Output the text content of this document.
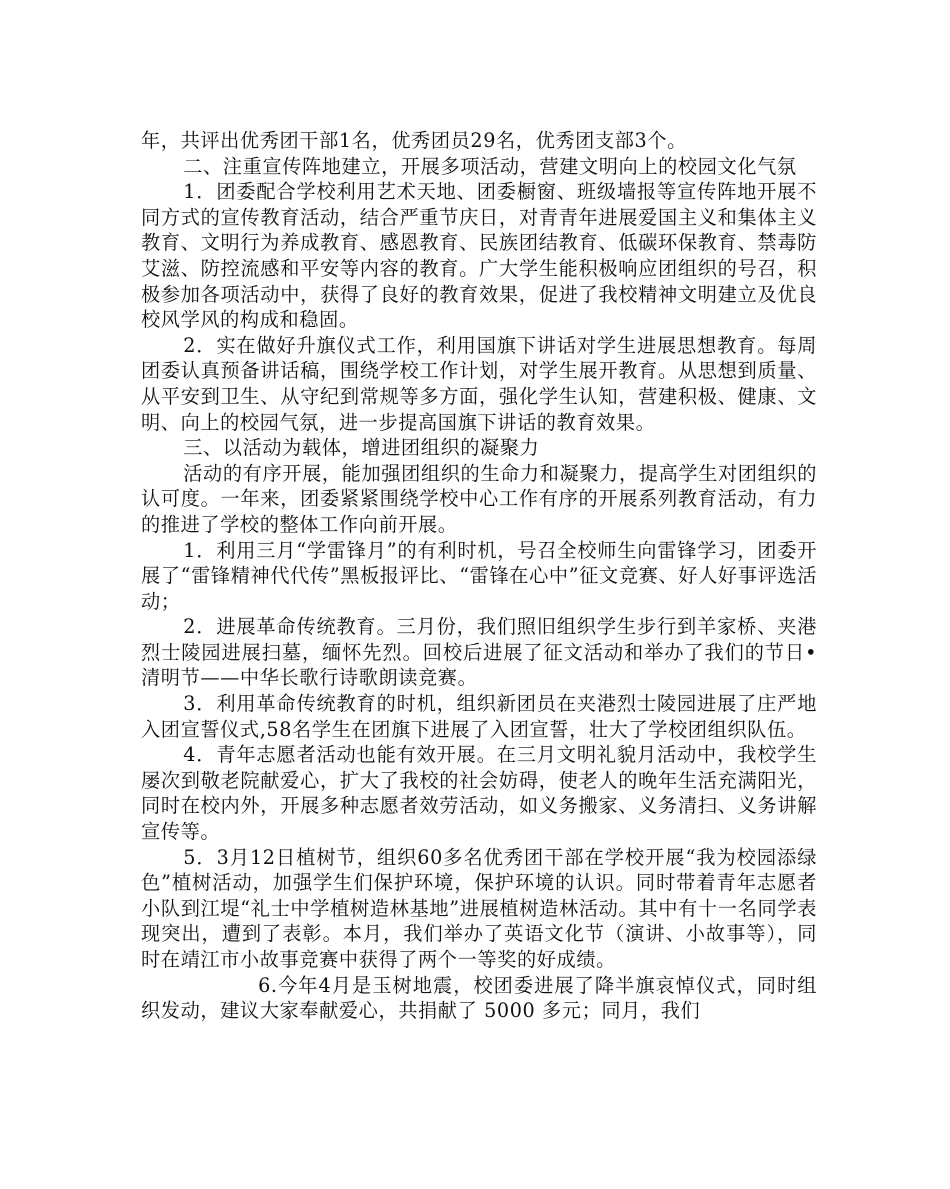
年，共评出优秀团干部1名，优秀团员29名，优秀团支部3个。

二、注重宣传阵地建立，开展多项活动，营建文明向上的校园文化气氛

1．团委配合学校利用艺术天地、团委橱窗、班级墙报等宣传阵地开展不同方式的宣传教育活动，结合严重节庆日，对青青年进展爱国主义和集体主义教育、文明行为养成教育、感恩教育、民族团结教育、低碳环保教育、禁毒防艾滋、防控流感和平安等内容的教育。广大学生能积极响应团组织的号召，积极参加各项活动中，获得了良好的教育效果，促进了我校精神文明建立及优良校风学风的构成和稳固。

2．实在做好升旗仪式工作，利用国旗下讲话对学生进展思想教育。每周团委认真预备讲话稿，围绕学校工作计划，对学生展开教育。从思想到质量、从平安到卫生、从守纪到常规等多方面，强化学生认知，营建积极、健康、文明、向上的校园气氛，进一步提高国旗下讲话的教育效果。

三、以活动为载体，增进团组织的凝聚力

活动的有序开展，能加强团组织的生命力和凝聚力，提高学生对团组织的认可度。一年来，团委紧紧围绕学校中心工作有序的开展系列教育活动，有力的推进了学校的整体工作向前开展。

1．利用三月“学雷锋月”的有利时机，号召全校师生向雷锋学习，团委开展了“雷锋精神代代传”黑板报评比、“雷锋在心中”征文竞赛、好人好事评选活动；

2．进展革命传统教育。三月份，我们照旧组织学生步行到羊家桥、夹港烈士陵园进展扫墓，缅怀先烈。回校后进展了征文活动和举办了我们的节日•清明节——中华长歌行诗歌朗读竞赛。

3．利用革命传统教育的时机，组织新团员在夹港烈士陵园进展了庄严地入团宣誓仪式,58名学生在团旗下进展了入团宣誓，壮大了学校团组织队伍。

4．青年志愿者活动也能有效开展。在三月文明礼貌月活动中，我校学生屡次到敬老院献爱心，扩大了我校的社会妨碍，使老人的晚年生活充满阳光，同时在校内外，开展多种志愿者效劳活动，如义务搬家、义务清扫、义务讲解宣传等。

5．3月12日植树节，组织60多名优秀团干部在学校开展“我为校园添绿色”植树活动，加强学生们保护环境，保护环境的认识。同时带着青年志愿者小队到江堤“礼士中学植树造林基地”进展植树造林活动。其中有十一名同学表现突出，遭到了表彰。本月，我们举办了英语文化节（演讲、小故事等），同时在靖江市小故事竞赛中获得了两个一等奖的好成绩。

6.今年4月是玉树地震，校团委进展了降半旗哀悼仪式，同时组织发动，建议大家奉献爱心，共捐献了 5000 多元；同月，我们
